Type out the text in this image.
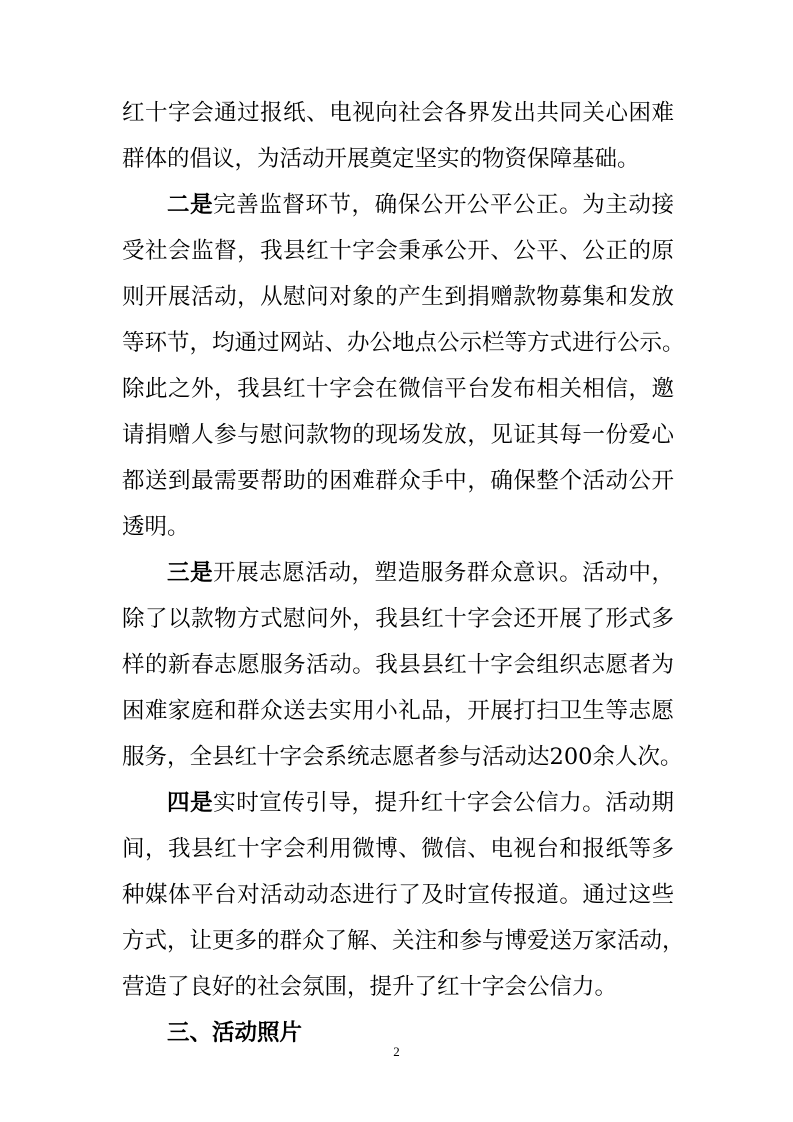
红十字会通过报纸、电视向社会各界发出共同关心困难
群体的倡议，为活动开展奠定坚实的物资保障基础。
二是完善监督环节，确保公开公平公正。为主动接
受社会监督，我县红十字会秉承公开、公平、公正的原
则开展活动，从慰问对象的产生到捐赠款物募集和发放
等环节，均通过网站、办公地点公示栏等方式进行公示。
除此之外，我县红十字会在微信平台发布相关相信，邀
请捐赠人参与慰问款物的现场发放，见证其每一份爱心
都送到最需要帮助的困难群众手中，确保整个活动公开
透明。
三是开展志愿活动，塑造服务群众意识。活动中，
除了以款物方式慰问外，我县红十字会还开展了形式多
样的新春志愿服务活动。我县县红十字会组织志愿者为
困难家庭和群众送去实用小礼品，开展打扫卫生等志愿
服务，全县红十字会系统志愿者参与活动达200余人次。
四是实时宣传引导，提升红十字会公信力。活动期
间，我县红十字会利用微博、微信、电视台和报纸等多
种媒体平台对活动动态进行了及时宣传报道。通过这些
方式，让更多的群众了解、关注和参与博爱送万家活动，
营造了良好的社会氛围，提升了红十字会公信力。
三、活动照片
2
